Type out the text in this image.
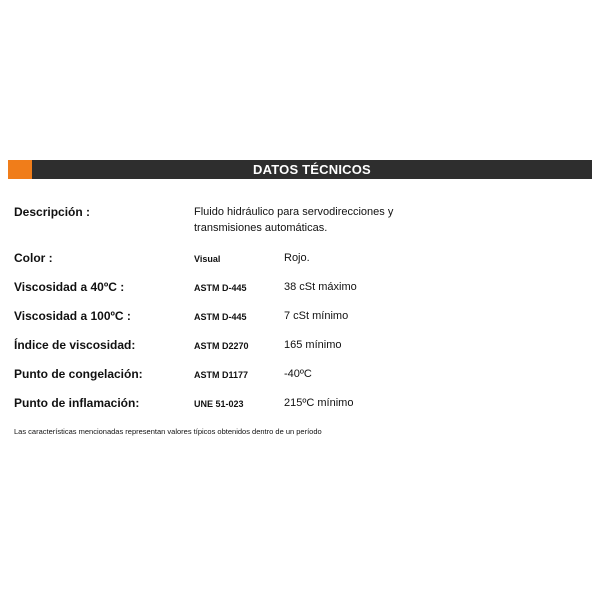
DATOS TÉCNICOS
Descripción :	Fluido hidráulico para servodirecciones y
transmisiones automáticas.
Color :	Visual	Rojo.
Viscosidad a 40ºC :	ASTM D-445	38 cSt máximo
Viscosidad a 100ºC :	ASTM D-445	7 cSt mínimo
Índice de viscosidad:	ASTM D2270	165 mínimo
Punto de congelación:	ASTM D1177	-40ºC
Punto de inflamación:	UNE 51-023	215ºC mínimo
Las características mencionadas representan valores típicos obtenidos dentro de un período
